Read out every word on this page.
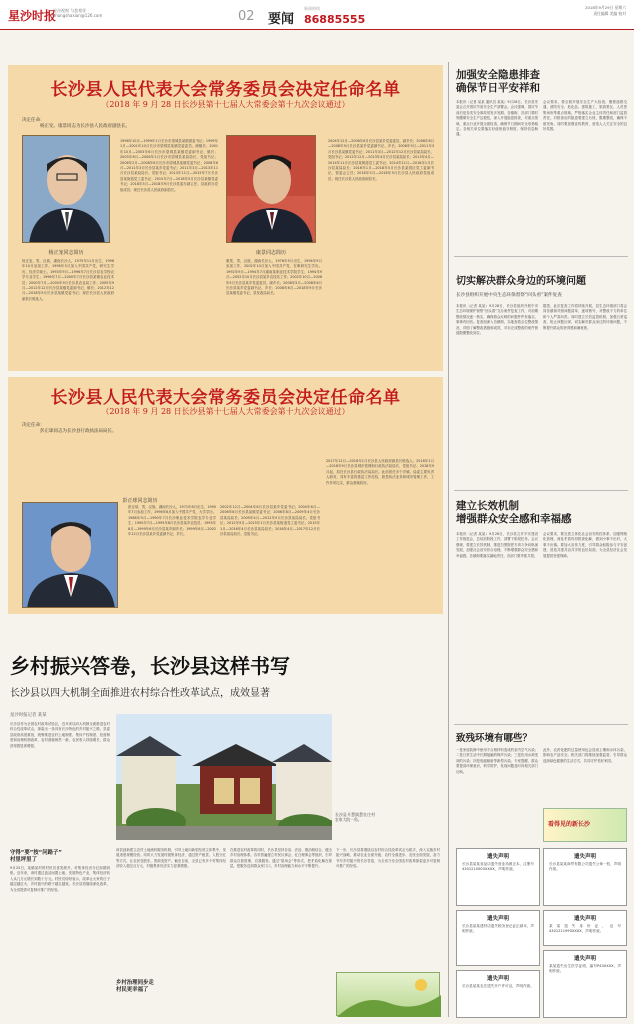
星沙时报
星沙视窗 与您相伴
changshaxian@126.com	02 要闻
新闻热线
86885555
2018年9月29日 星期六
责任编辑 美编 校对
长沙县人民代表大会常务委员会决定任命名单
（2018 年 9 月 28 日长沙县第十七届人大常委会第十九次会议通过）
决定任命：
杨正宠、康景同志为长沙县人民政府副县长。
杨正宠同志简历
杨正宠，男，汉族，湖南长沙人，1975年11月出生，1996年10月参加工作，1996年3月加入中国共产党，研究生学历，经济学硕士。1993年9月—1996年7月长沙县农学校农学专业学生；1996年7月—2000年7月长沙县某镇农业技术员；2000年7月—2005年9月长沙县农业局工作；2005年9月—2012年12月长沙县某镇党委副书记、镇长；2012年12月—2018年9月长沙县某镇党委书记；现任长沙县人民政府副县长候选人。
1996年10月—1999年1月长沙市望城县某镇团委书记；1999年1月—2001年10月长沙市望城县某镇党委委员、副镇长；2001年10月—2003年6月长沙市望城县某镇党委副书记、镇长；2003年6月—2006年2月长沙市望城县某局局长、党组书记；2006年2月—2008年6月长沙市望城县某镇党委书记；2008年6月—2011年3月长沙县某乡党委书记；2011年3月—2013年11月长沙县某局局长、党组书记；2013年11月—2015年7月长沙县某街道党工委书记；2015年7月—2018年5月长沙县某镇党委书记；2018年5月—2018年9月长沙县委办副主任、县政府办党组成员；现任长沙县人民政府副县长。
康景同志简历
康景，男，汉族，湖南长沙人，1976年5月出生，1994年9月参加工作，2002年10月加入中国共产党，在职研究生学历。1992年9月—1994年7月湖南某职业技术学院学生；1994年9月—2002年10月长沙县某乡农技站工作；2002年10月—2006年5月长沙县某乡党委委员、副乡长；2006年5月—2008年6月长沙县某乡党委副书记、乡长；2008年6月—2018年9月长沙县某镇党委书记、县发改局局长。
2004年12月—2006年8月长沙县某乡党委委员、副乡长；2006年8月—2008年9月长沙县某乡党委副书记、乡长；2008年9月—2011年3月长沙县某镇党委书记；2011年3月—2012年12月长沙县某局局长、党组书记；2012年12月—2013年4月长沙县某局局长；2013年4月—2014年11月长沙县某街道党工委书记；2014年11月—2016年1月长沙县某局局长；2016年1月—2018年5月长沙县某园区党工委副书记、管委会主任；2018年5月—2018年9月长沙县人民政府党组成员；现任长沙县人民政府副县长。
长沙县人民代表大会常务委员会决定任命名单
（2018 年 9 月 28 日长沙县第十七届人大常委会第十九次会议通过）
决定任命：
彭正球同志为长沙县行政执法局局长。
彭正球同志简历
彭正球，男，汉族，湖南长沙人，1971年8月出生，1990年7月参加工作，1996年6月加入中国共产党，大学学历。1988年9月—1990年7月长沙职业技术学院农学专业学生；1990年7月—1995年8月长沙县某乡农技员；1995年8月—1999年6月长沙县某乡副乡长；1999年6月—2002年12月长沙县某乡党委副书记、乡长。
2002年12月—2004年6月长沙县某乡党委书记；2004年6月—2006年8月长沙县某镇党委书记；2006年8月—2009年4月长沙县某局局长；2009年4月—2012年9月长沙县某局局长、党组书记；2012年9月—2015年1月长沙县某街道党工委书记；2015年1月—2016年4月长沙县某局局长；2016年4月—2017年12月长沙县某局局长、党组书记。
2017年12月—2018年1月长沙县人民政府副县长候选人；2018年1月—2018年9月长沙县城市管理和行政执法局局长、党组书记；2018年9月起，拟任长沙县行政执法局局长。此前曾任多个乡镇、局委主要负责人职务，具有丰富的基层工作经验，熟悉执法业务和城市管理工作，工作作风扎实，群众基础较好。
加强安全隐患排查
确保节日平安祥和
本报讯（记者 某某 通讯员 某某）9月28日，长沙县安委会召开国庆节前安全生产部署会。会议强调，国庆节前后是各类安全事故易发多发期，各镇街、各部门要时刻绷紧安全生产这根弦，深入开展隐患排查，对重点领域、重点行业开展全面检查，确保节日期间安全形势稳定。各相关单位要落实好值班值守制度，保持信息畅通。
会议要求，要全面开展安全生产大检查，聚焦道路交通、消防安全、危化品、建筑施工、旅游景区、人员密集场所等重点领域，严格落实企业主体责任和部门监管责任。对排查出的隐患要建立台账，限期整改，确保不留死角。同时要加强宣传教育，营造人人关注安全的良好氛围。
切实解决群众身边的环境问题
长沙县组织开展中央生态环保督察“回头看”案件复查
本报讯（记者 某某）9月28日，长沙县组织开展中央生态环境保护督察“回头看”交办案件复查工作，对前期整改情况逐一核实，确保群众反映的问题件件有落实、事事有回音。复查组深入各镇街，实地查看点位整改情况，详细了解整改措施和成效，对未完成整改的案件督促限期整改到位。
据悉，此次复查工作将持续开展，县生态环境部门将会同各镇街对照问题清单，逐项销号，对整改不力的单位和个人严肃问责。同时建立长效监管机制，加强日常巡查，防止问题反弹，切实解决群众身边的环境问题，不断提升群众的获得感和满意度。
建立长效机制
增强群众安全感和幸福感
本报讯（记者 某某）9月28日，长沙县召开平安建设工作推进会，总结前阶段工作，部署下阶段任务。会议强调，要建立长效机制，推进扫黑除恶专项斗争向纵深发展，加强社会治安综合治理，不断增强群众安全感和幸福感。各镇街要落实属地责任，各部门要齐抓共管。
会议要求，要完善立体化社会治安防控体系，加强网格化管理，深化矛盾纠纷排查化解，做到小事不出村、大事不出镇。要加大宣传力度，引导群众积极参与平安创建，营造共建共治共享的良好局面，为全县经济社会发展提供坚强保障。
致残环境有哪些？
一是家庭装修中使用不合格材料造成的室内空气污染；二是日常生活中长期接触的噪声污染；三是饮用水源受到的污染；四是电磁辐射等新型污染。专家提醒，群众要提高环保意识，科学防护，发现问题及时向相关部门反映。
此外，农药化肥的过量使用也会造成土壤和水体污染，影响农产品安全。相关部门将继续加强监管，引导群众选择绿色健康的生活方式，共同守护美好家园。
看得见的新长沙
遗失声明

长沙县某某食品店遗失营业执照正本，注册号4301210000XXXX，声明作废。

遗失声明

长沙县某某商贸有限公司遗失公章一枚，声明作废。

遗失声明

长沙县某某建材店遗失税务登记证正副本，声明作废。

遗失声明

某某遗失身份证，证号4301211990XXXX，声明作废。

遗失声明

长沙县某某农庄遗失开户许可证，声明作废。

遗失声明

某某遗失出生医学证明，编号P43XXXX，声明作废。

乡村振兴答卷，长沙县这样书写
长沙县以四大机制全面推进农村综合性改革试点，成效显著
星沙时报记者 某某
长沙县作为全国农村改革试验区，近年来以四大机制全面推进农村综合性改革试点，探索出一条具有长沙特色的乡村振兴之路。县委县政府高度重视，统筹推进农村土地制度、集体产权制度、经营制度和治理机制改革，农村面貌焕然一新，农民收入持续增长，群众获得感显著增强。
守得“要”按“问路子”
村里坪里了
9月25日，某镇某村的村民们喜笑颜开，村集体经济分红如期到账。近年来，该村通过盘活闲置土地、发展特色产业，集体经济收入从几万元增长到数十万元。村民们纷纷表示，改革让大家的日子越过越红火，乡村振兴的路子越走越宽。长沙县将继续深化改革，为全省提供可复制可推广的经验。
长沙县开慧镇慧农庄村农家大院一角。
该县创新建立农村土地流转服务机制，引导土地向新型经营主体集中，发展适度规模经营。同时大力发展村级集体经济，通过资产租赁、入股分红等方式，让农民变股东、资源变资产。截至目前，全县已有多个村集体经济收入超过百万元，村级集体经济实力显著增强。
乡村治理同步走
村民更幸福了
在推进农村改革的同时，长沙县坚持自治、法治、德治相结合，健全乡村治理体系。各村普遍建立村民议事会、红白理事会等组织，引导群众自我管理、自我服务。通过“屋场会”等形式，把矛盾化解在基层，把服务送到群众家门口，乡村治理能力和水平不断提升。
下一步，长沙县将继续以农村综合性改革试点为抓手，深入实施乡村振兴战略，推动农业全面升级、农村全面进步、农民全面发展，奋力书写乡村振兴的长沙答卷，为全省乃至全国农村改革探索更多可复制可推广的经验。
